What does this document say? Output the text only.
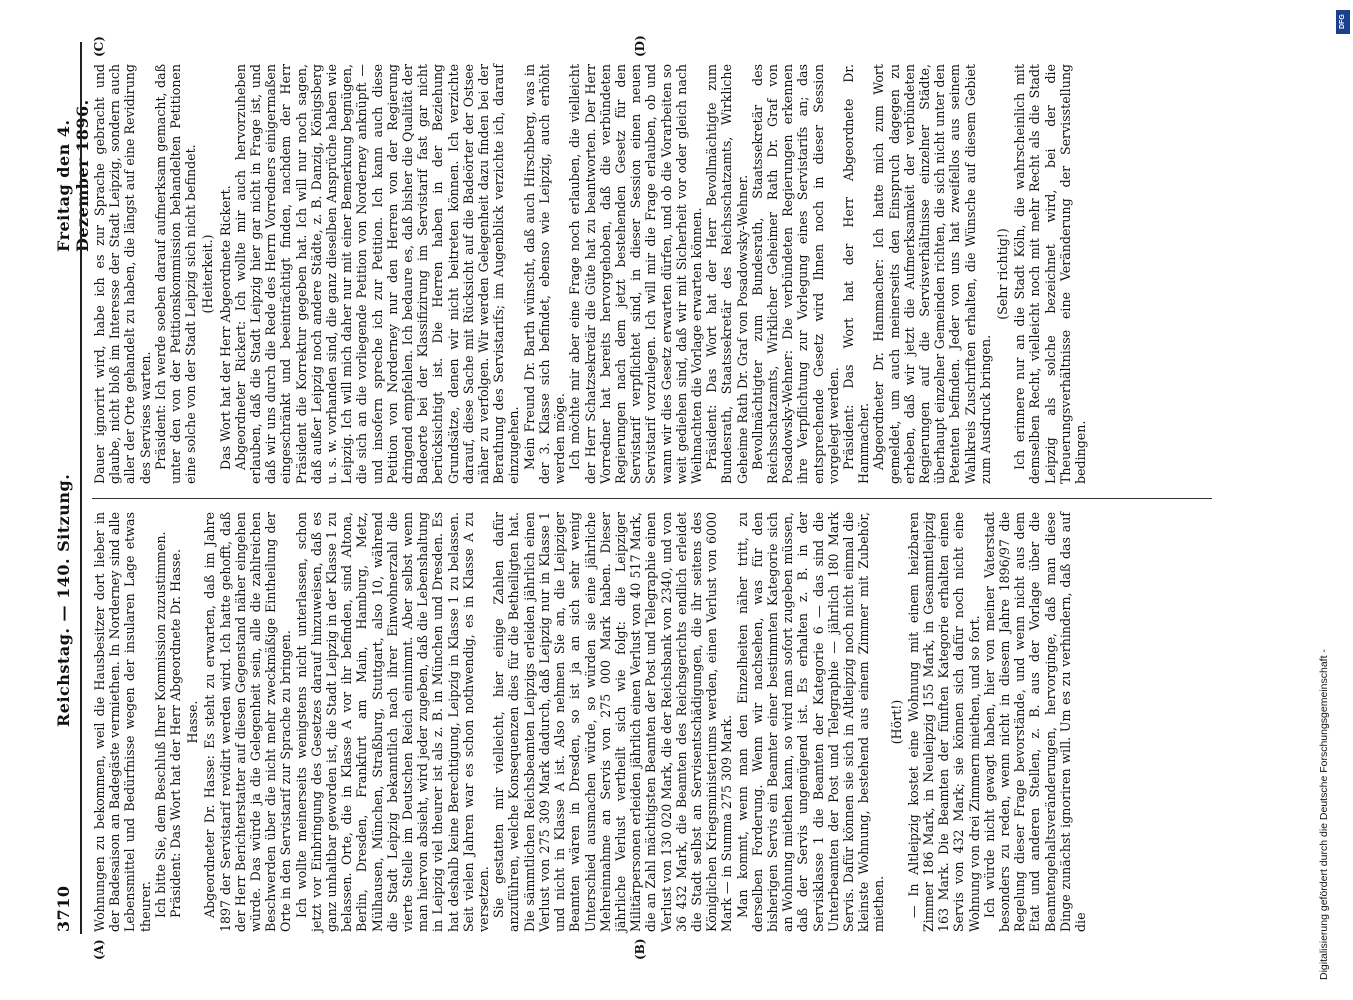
3710
Reichstag. — 140. Sitzung.
Freitag den 4. Dezember 1896.
(A)	(B)
(C)	(D)

Wohnungen zu bekommen, weil die Hausbesitzer dort lieber in der Badesaison an Badegäste vermiethen. In Norderney sind alle Lebensmittel und Bedürfnisse wegen der insularen Lage etwas theurer. Ich bitte Sie, dem Beschluß Ihrer Kommission zuzustimmen. Präsident: Das Wort hat der Herr Abgeordnete Dr. Hasse. Hasse. Abgeordneter Dr. Hasse: Es steht zu erwarten, daß im Jahre 1897 der Servistarif revidirt werden wird. Ich hatte gehofft, daß der Herr Berichterstatter auf diesen Gegenstand näher eingehen würde. Das würde ja die Gelegenheit sein, alle die zahlreichen Beschwerden über die nicht mehr zweckmäßige Eintheilung der Orte in den Servistarif zur Sprache zu bringen. Ich wollte meinerseits wenigstens nicht unterlassen, schon jetzt vor Einbringung des Gesetzes darauf hinzuweisen, daß es ganz unhaltbar geworden ist, die Stadt Leipzig in der Klasse 1 zu belassen. Orte, die in Klasse A vor ihr befinden, sind Altona, Berlin, Dresden, Frankfurt am Main, Hamburg, Metz, Mülhausen, München, Straßburg, Stuttgart, also 10, während die Stadt Leipzig bekanntlich nach ihrer Einwohnerzahl die vierte Stelle im Deutschen Reich einnimmt. Aber selbst wenn man hiervon absieht, wird jeder zugeben, daß die Lebenshaltung in Leipzig viel theurer ist als z. B. in München und Dresden. Es hat deshalb keine Berechtigung, Leipzig in Klasse 1 zu belassen. Seit vielen Jahren war es schon nothwendig, es in Klasse A zu versetzen. Sie gestatten mir vielleicht, hier einige Zahlen dafür anzuführen, welche Konsequenzen dies für die Betheiligten hat. Die sämmtlichen Reichsbeamten Leipzigs erleiden jährlich einen Verlust von 275 309 Mark dadurch, daß Leipzig nur in Klasse 1 und nicht in Klasse A ist. Also nehmen Sie an, die Leipziger Beamten wären in Dresden, so ist ja an sich sehr wenig Unterschied ausmachen würde, so würden sie eine jährliche Mehreinnahme an Servis von 275 000 Mark haben. Dieser jährliche Verlust vertheilt sich wie folgt: die Leipziger Militärpersonen erleiden jährlich einen Verlust von 40 517 Mark, die an Zahl mächtigsten Beamten der Post und Telegraphie einen Verlust von 130 020 Mark, die der Reichsbank von 2340, und von 36 432 Mark, die Beamten des Reichsgerichts endlich erleidet die Stadt selbst an Servisentschädigungen, die ihr seitens des Königlichen Kriegsministeriums werden, einen Verlust von 6000 Mark — in Summa 275 309 Mark. Man kommt, wenn man den Einzelheiten näher tritt, zu derselben Forderung. Wenn wir nachsehen, was für den bisherigen Servis ein Beamter einer bestimmten Kategorie sich an Wohnung miethen kann, so wird man sofort zugeben müssen, daß der Servis ungenügend ist. Es erhalten z. B. in der Servisklasse 1 die Beamten der Kategorie 6 — das sind die Unterbeamten der Post und Telegraphie — jährlich 180 Mark Servis. Dafür können sie sich in Altleipzig noch nicht einmal die kleinste Wohnung, bestehend aus einem Zimmer mit Zubehör, miethen.

(Hört!) — In Altleipzig kostet eine Wohnung mit einem heizbaren Zimmer 186 Mark, in Neuleipzig 155 Mark, in Gesammtleipzig 163 Mark. Die Beamten der fünften Kategorie erhalten einen Servis von 432 Mark; sie können sich dafür noch nicht eine Wohnung von drei Zimmern miethen, und so fort. Ich würde nicht gewagt haben, hier von meiner Vaterstadt besonders zu reden, wenn nicht in diesem Jahre 1896/97 die Regelung dieser Frage bevorstände, und wenn nicht aus dem Etat und anderen Stellen, z. B. aus der Vorlage über die Beamtengehaltsveränderungen, hervorginge, daß man diese Dinge zunächst ignoriren will. Um es zu verhindern, daß das auf die

Dauer ignorirt wird, habe ich es zur Sprache gebracht und glaube, nicht bloß im Interesse der Stadt Leipzig, sondern auch aller der Orte gehandelt zu haben, die längst auf eine Revidirung des Servises warten. Präsident: Ich werde soeben darauf aufmerksam gemacht, daß unter den von der Petitionskommission behandelten Petitionen eine solche von der Stadt Leipzig sich nicht befindet. (Heiterkeit.) Das Wort hat der Herr Abgeordnete Rickert. Abgeordneter Rickert: Ich wollte mir auch hervorzuheben erlauben, daß die Stadt Leipzig hier gar nicht in Frage ist, und daß wir uns durch die Rede des Herrn Vorredners einigermaßen eingeschränkt und beeinträchtigt finden, nachdem der Herr Präsident die Korrektur gegeben hat. Ich will nur noch sagen, daß außer Leipzig noch andere Städte, z. B. Danzig, Königsberg u. s. w. vorhanden sind, die ganz dieselben Ansprüche haben wie Leipzig. Ich will mich daher nur mit einer Bemerkung begnügen, die sich an die vorliegende Petition von Norderney anknüpft — und insofern spreche ich zur Petition. Ich kann auch diese Petition von Norderney nur den Herren von der Regierung dringend empfehlen. Ich bedaure es, daß bisher die Qualität der Badeorte bei der Klassifizirung im Servistarif fast gar nicht berücksichtigt ist. Die Herren haben in der Beziehung Grundsätze, denen wir nicht beitreten können. Ich verzichte darauf, diese Sache mit Rücksicht auf die Badeörter der Ostsee näher zu verfolgen. Wir werden Gelegenheit dazu finden bei der Berathung des Servistarifs; im Augenblick verzichte ich, darauf einzugehen. Mein Freund Dr. Barth wünscht, daß auch Hirschberg, was in der 3. Klasse sich befindet, ebenso wie Leipzig, auch erhöht werden möge. Ich möchte mir aber eine Frage noch erlauben, die vielleicht der Herr Schatzsekretär die Güte hat zu beantworten. Der Herr Vorredner hat bereits hervorgehoben, daß die verbündeten Regierungen nach dem jetzt bestehenden Gesetz für den Servistarif verpflichtet sind, in dieser Session einen neuen Servistarif vorzulegen. Ich will mir die Frage erlauben, ob und wann wir dies Gesetz erwarten dürfen, und ob die Vorarbeiten so weit gediehen sind, daß wir mit Sicherheit vor oder gleich nach Weihnachten die Vorlage erwarten können. Präsident: Das Wort hat der Herr Bevollmächtigte zum Bundesrath, Staatssekretär des Reichsschatzamts, Wirkliche Geheime Rath Dr. Graf von Posadowsky-Wehner. Bevollmächtigter zum Bundesrath, Staatssekretär des Reichsschatzamts, Wirklicher Geheimer Rath Dr. Graf von Posadowsky-Wehner: Die verbündeten Regierungen erkennen ihre Verpflichtung zur Vorlegung eines Servistarifs an; das entsprechende Gesetz wird Ihnen noch in dieser Session vorgelegt werden. Präsident: Das Wort hat der Herr Abgeordnete Dr. Hammacher. Abgeordneter Dr. Hammacher: Ich hatte mich zum Wort gemeldet, um auch meinerseits den Einspruch dagegen zu erheben, daß wir jetzt die Aufmerksamkeit der verbündeten Regierungen auf die Servisverhältnisse einzelner Städte, überhaupt einzelner Gemeinden richten, die sich nicht unter den Petenten befinden. Jeder von uns hat zweifellos aus seinem Wahlkreis Zuschriften erhalten, die Wünsche auf diesem Gebiet zum Ausdruck bringen.

(Sehr richtig!) Ich erinnere nur an die Stadt Köln, die wahrscheinlich mit demselben Recht, vielleicht noch mit mehr Recht als die Stadt Leipzig als solche bezeichnet wird, bei der die Theuerungsverhältnisse eine Veränderung der Servisstellung bedingen.

Digitalisierung gefördert durch die Deutsche Forschungsgemeinschaft -
DFG
